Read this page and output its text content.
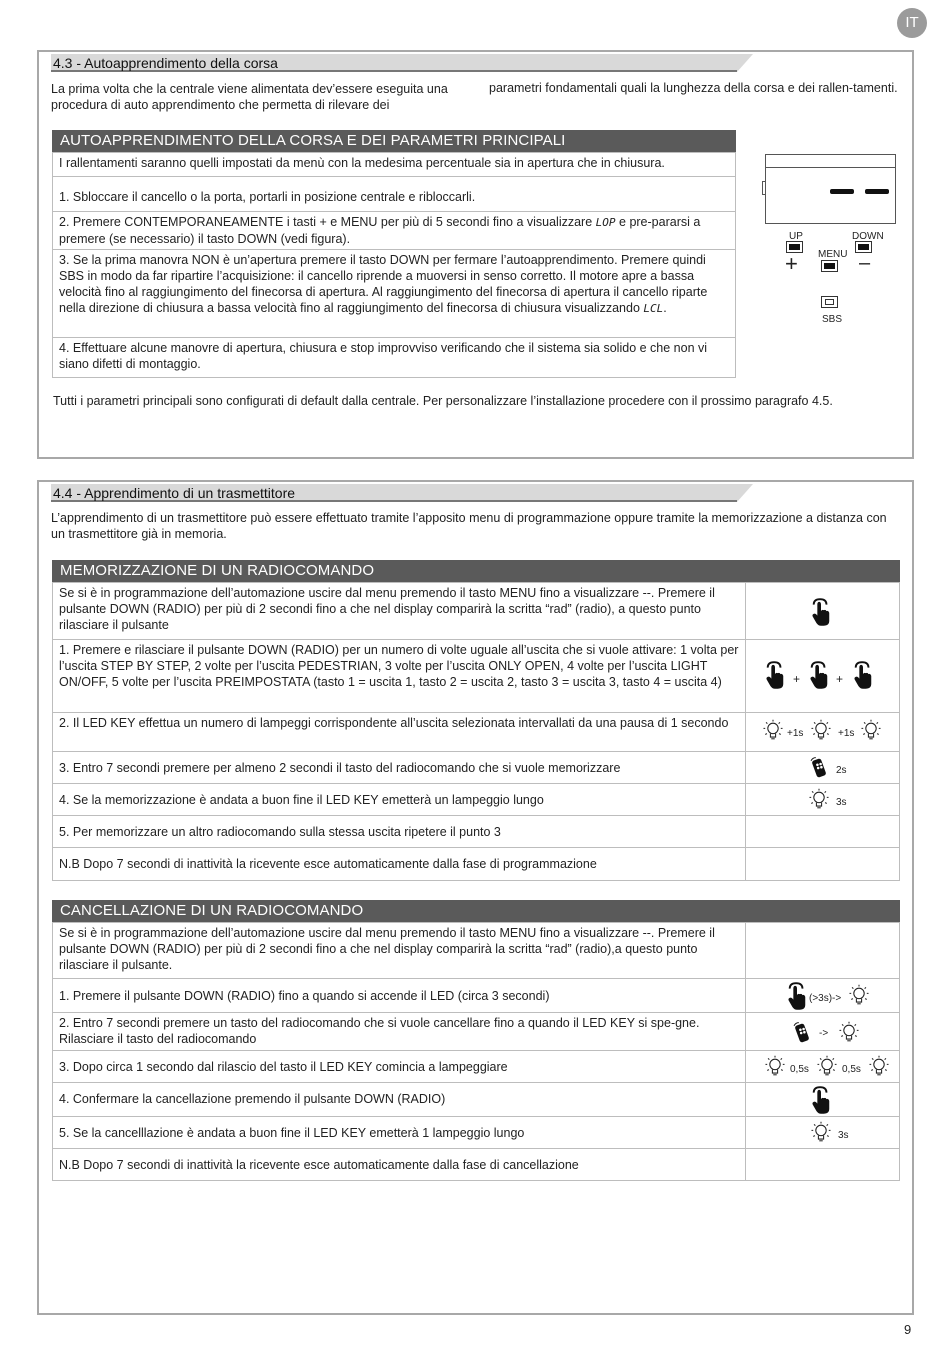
IT
4.3 - Autoapprendimento della corsa
La prima volta che la centrale viene alimentata dev’essere eseguita una procedura di auto apprendimento che permetta di rilevare dei
parametri fondamentali quali la lunghezza della corsa e dei rallen-tamenti.
AUTOAPPRENDIMENTO DELLA CORSA E DEI PARAMETRI PRINCIPALI
I rallentamenti saranno quelli impostati da menù con la medesima percentuale sia in apertura che in chiusura.
1. Sbloccare il cancello o la porta, portarli in posizione centrale e ribloccarli.
2. Premere CONTEMPORANEAMENTE i tasti + e MENU per più di 5 secondi fino a visualizzare LOP e pre-pararsi a premere (se necessario) il tasto DOWN (vedi figura).
3. Se la prima manovra NON è un’apertura premere il tasto DOWN per fermare l’autoapprendimento. Premere quindi SBS in modo da far ripartire l’acquisizione: il cancello riprende a muoversi in senso corretto. Il motore apre a bassa velocità fino al raggiungimento del finecorsa di apertura. Al raggiungimento del finecorsa di apertura il cancello riparte nella direzione di chiusura a bassa velocità fino al raggiungimento del finecorsa di chiusura visualizzando LCL.
4. Effettuare alcune manovre di apertura, chiusura e stop improvviso verificando che il sistema sia solido e che non vi siano difetti di montaggio.
UP	DOWN
MENU
+	–
SBS
Tutti i parametri principali sono configurati di default dalla centrale. Per personalizzare l’installazione procedere con il prossimo paragrafo 4.5.
4.4 - Apprendimento di un trasmettitore
L’apprendimento di un trasmettitore può essere effettuato tramite l’apposito menu di programmazione oppure tramite la memorizzazione a distanza con un trasmettitore già in memoria.
MEMORIZZAZIONE DI UN RADIOCOMANDO
Se si è in programmazione dell’automazione uscire dal menu premendo il tasto MENU fino a visualizzare --. Premere il pulsante DOWN (RADIO) per più di 2 secondi fino a che nel display comparirà la scritta “rad” (radio), a questo punto rilasciare il pulsante
1. Premere e rilasciare il pulsante DOWN (RADIO) per un numero di volte uguale all’uscita che si vuole attivare: 1 volta per l’uscita STEP BY STEP, 2 volte per l’uscita PEDESTRIAN, 3 volte per l’uscita ONLY OPEN, 4 volte per l’uscita LIGHT ON/OFF, 5 volte per l’uscita PREIMPOSTATA (tasto 1 = uscita 1, tasto 2 = uscita 2, tasto 3 = uscita 3, tasto 4 = uscita 4)	+	+
2. Il LED KEY effettua un numero di lampeggi corrispondente all’uscita selezionata intervallati da una pausa di 1 secondo
+1s	+1s
3. Entro 7 secondi premere per almeno 2 secondi il tasto del radiocomando che si vuole memorizzare	2s
4. Se la memorizzazione è andata a buon fine il LED KEY emetterà un lampeggio lungo	3s
5. Per memorizzare un altro radiocomando sulla stessa uscita ripetere il punto 3
N.B Dopo 7 secondi di inattività la ricevente esce automaticamente dalla fase di programmazione
CANCELLAZIONE DI UN RADIOCOMANDO
Se si è in programmazione dell’automazione uscire dal menu premendo il tasto MENU fino a visualizzare --. Premere il pulsante DOWN (RADIO) per più di 2 secondi fino a che nel display comparirà la scritta “rad” (radio),a questo punto rilasciare il pulsante.
1. Premere il pulsante DOWN (RADIO) fino a quando si accende il LED (circa 3 secondi)	(>3s)->
2. Entro 7 secondi premere un tasto del radiocomando che si vuole cancellare fino a quando il LED KEY si spe-gne. Rilasciare il tasto del radiocomando	->
3. Dopo circa 1 secondo dal rilascio del tasto il LED KEY comincia a lampeggiare	0,5s	0,5s
4. Confermare la cancellazione premendo il pulsante DOWN (RADIO)
5. Se la cancelllazione è andata a buon fine il LED KEY emetterà 1 lampeggio lungo	3s
N.B Dopo 7 secondi di inattività la ricevente esce automaticamente dalla fase di cancellazione
9
